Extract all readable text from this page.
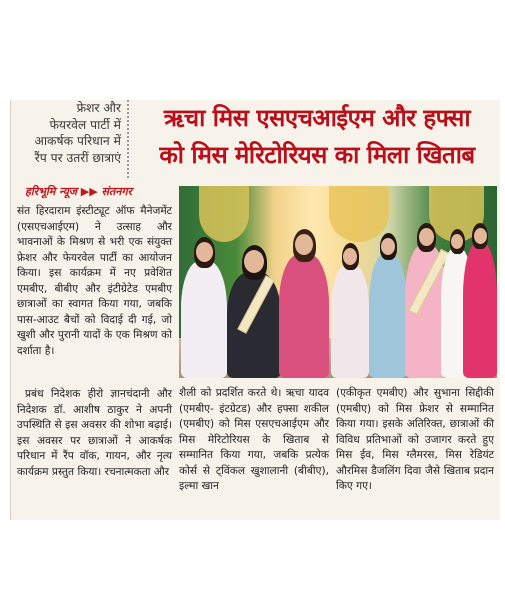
फ्रेशर और
फेयरवेल पार्टी में
आकर्षक परिधान में
रैंप पर उतरीं छात्राएं
ऋचा मिस एसएचआईएम और हफ्सा
को मिस मेरिटोरियस का मिला खिताब
हरिभूमि न्यूज ▶▶ संतनगर

संत हिरदाराम इंस्टीट्यूट ऑफ मैनेजमेंट (एसएचआईएम) ने उत्साह और भावनाओं के मिश्रण से भरी एक संयुक्त फ्रेशर और फेयरवेल पार्टी का आयोजन किया। इस कार्यक्रम में नए प्रवेशित एमबीए, बीबीए और इंटीग्रेटेड एमबीए छात्राओं का स्वागत किया गया, जबकि पास-आउट बैचों को विदाई दी गई, जो खुशी और पुरानी यादों के एक मिश्रण को दर्शाता है।

प्रबंध निदेशक हीरो ज्ञानचंदानी और निदेशक डॉ. आशीष ठाकुर ने अपनी उपस्थिति से इस अवसर की शोभा बढ़ाई। इस अवसर पर छात्राओं ने आकर्षक परिधान में रैंप वॉक, गायन, और नृत्य कार्यक्रम प्रस्तुत किया। रचनात्मकता और

शैली को प्रदर्शित करते थे। ऋचा यादव (एमबीए- इंटग्रेटड) और हफ्सा शकील (एमबीए) को मिस एसएचआईएम और मिस मेरिटोरियस के खिताब से सम्मानित किया गया, जबकि प्रत्येक कोर्स से ट्विंकल खुशालानी (बीबीए), इल्मा खान

(एकीकृत एमबीए) और सुभाना सिद्दीकी (एमबीए) को मिस फ्रेशर से सम्मानित किया गया। इसके अतिरिक्त, छात्राओं की विविध प्रतिभाओं को उजागर करते हुए मिस ईव, मिस ग्लैमरस, मिस रेडियंट औरमिस डैजलिंग दिवा जैसे खिताब प्रदान किए गए।
